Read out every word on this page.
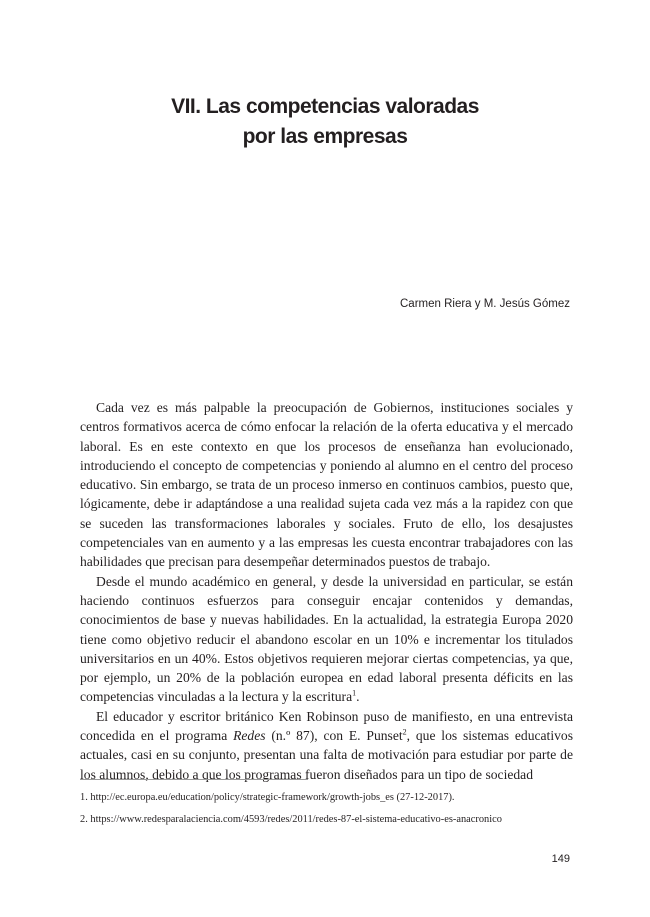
VII. Las competencias valoradas
por las empresas
Carmen Riera y M. Jesús Gómez

Cada vez es más palpable la preocupación de Gobiernos, instituciones sociales y centros formativos acerca de cómo enfocar la relación de la oferta educativa y el mercado laboral. Es en este contexto en que los procesos de enseñanza han evolucionado, introduciendo el concepto de competencias y poniendo al alumno en el centro del proceso educativo. Sin embargo, se trata de un proceso inmerso en continuos cambios, puesto que, lógicamente, debe ir adaptándose a una realidad sujeta cada vez más a la rapidez con que se suceden las transformaciones laborales y sociales. Fruto de ello, los desajustes competenciales van en aumento y a las empresas les cuesta encontrar trabajadores con las habilidades que precisan para desempeñar determinados puestos de trabajo.

Desde el mundo académico en general, y desde la universidad en particular, se están haciendo continuos esfuerzos para conseguir encajar contenidos y demandas, conocimientos de base y nuevas habilidades. En la actualidad, la estrategia Europa 2020 tiene como objetivo reducir el abandono escolar en un 10% e incrementar los titulados universitarios en un 40%. Estos objetivos requieren mejorar ciertas competencias, ya que, por ejemplo, un 20% de la población europea en edad laboral presenta déficits en las competencias vinculadas a la lectura y la escritura$^1$.

El educador y escritor británico Ken Robinson puso de manifiesto, en una entrevista concedida en el programa Redes (n.º 87), con E. Punset$^2$, que los sistemas educativos actuales, casi en su conjunto, presentan una falta de motivación para estudiar por parte de los alumnos, debido a que los programas fueron diseñados para un tipo de sociedad

1. http://ec.europa.eu/education/policy/strategic-framework/growth-jobs_es (27-12-2017).

2. https://www.redesparalaciencia.com/4593/redes/2011/redes-87-el-sistema-educativo-es-anacronico

149
